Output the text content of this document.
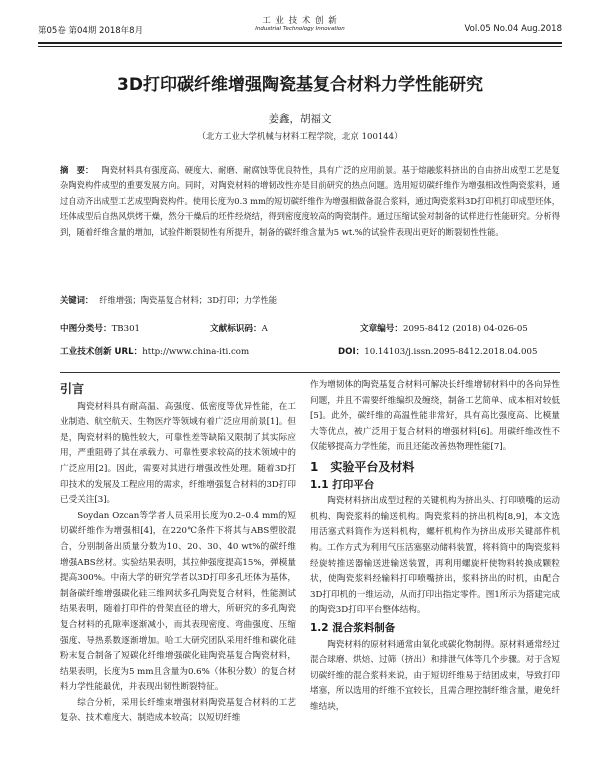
第05卷 第04期 2018年8月
工 业 技 术 创 新
Industrial Technology Innovation	Vol.05 No.04 Aug.2018
3D打印碳纤维增强陶瓷基复合材料力学性能研究
姜鑫，胡福文
（北方工业大学机械与材料工程学院，北京 100144）
摘　要： 陶瓷材料具有强度高、硬度大、耐磨、耐腐蚀等优良特性，具有广泛的应用前景。基于熔融浆料挤出的自由挤出成型工艺是复杂陶瓷构件成型的重要发展方向。同时，对陶瓷材料的增韧改性亦是目前研究的热点问题。选用短切碳纤维作为增强相改性陶瓷浆料，通过自动齐出成型工艺成型陶瓷构件。使用长度为0.3 mm的短切碳纤维作为增强相做备混合浆料，通过陶瓷浆料3D打印机打印成型坯体，坯体成型后自热风烘烤干燥，然分干燥后的坯件经烧结，得到密度度较高的陶瓷制件。通过压缩试验对制备的试样进行性能研究。分析得到，随着纤维含量的增加，试验件断裂韧性有所提升，制备的碳纤维含量为5 wt.%的试验件表现出更好的断裂韧性性能。
关键词： 纤维增强；陶瓷基复合材料；3D打印；力学性能
中图分类号：TB301	文献标识码：A	文章编号：2095-8412 (2018) 04-026-05
工业技术创新 URL：http://www.china-iti.com	DOI：10.14103/j.issn.2095-8412.2018.04.005
引言

陶瓷材料具有耐高温、高强度、低密度等优异性能，在工业制造、航空航天、生物医疗等领域有着广泛应用前景[1]。但是，陶瓷材料的脆性较大，可靠性差等缺陷又限制了其实际应用，严重阻碍了其在承载力、可靠性要求较高的技术领域中的广泛应用[2]。因此，需要对其进行增强改性处理。随着3D打印技术的发展及工程应用的需求，纤维增强复合材料的3D打印已受关注[3]。

Soydan Ozcan等学者人员采用长度为0.2–0.4 mm的短切碳纤维作为增强相[4]，在220℃条件下将其与ABS塑胶混合，分别制备出质量分数为10、20、30、40 wt%的碳纤维增强ABS丝材。实验结果表明，其拉伸强度提高15%，弹模量提高300%。中南大学的研究学者以3D打印多孔坯体为基体，制备碳纤维增强碳化硅三维网状多孔陶瓷复合材料，性能测试结果表明，随着打印件的骨架直径的增大，所研究的多孔陶瓷复合材料的孔隙率逐渐减小，而其表现密度、弯曲强度、压缩强度、导热系数逐渐增加。哈工大研究团队采用纤维和碳化硅粉末复合制备了短碳化纤维增强碳化硅陶瓷基复合陶瓷材料，结果表明，长度为5 mm且含量为0.6%（体积分数）的复合材料力学性能最优，并表现出韧性断裂特征。

综合分析，采用长纤维束增强材料陶瓷基复合材料的工艺复杂、技术难度大、制造成本较高；以短切纤维

作为增韧体的陶瓷基复合材料可解决长纤维增韧材料中的各向异性问题，并且不需要纤维编织及缠绕，制备工艺简单、成本相对较低[5]。此外，碳纤维的高温性能非常好，具有高比强度高、比模量大等优点，被广泛用于复合材料的增强材料[6]。用碳纤维改性不仅能够提高力学性能，而且还能改善热物理性能[7]。

1　实验平台及材料
1.1 打印平台

陶瓷材料挤出成型过程的关键机构为挤出头、打印喷嘴的运动机构、陶瓷浆料的输送机构。陶瓷浆料的挤出机构[8,9]，本文选用活塞式料筒作为送料机构，螺杆机构作为挤出成形关键部件机构。工作方式为利用气压活塞驱动储料装置，将料筒中的陶瓷浆料经旋转推送器输送进输送装置，再利用螺旋杆使物料转换成颗粒状，使陶瓷浆料经输料打印喷嘴挤出，浆料挤出的时机，由配合3D打印机的一维运动，从而打印出指定零件。图1所示为搭建完成的陶瓷3D打印平台整体结构。

1.2 混合浆料制备

陶瓷材料的原材料通常由氧化或碳化物制得。原材料通常经过混合球磨、烘焙、过筛（挤出）和排泄气体等几个步骤。对于含短切碳纤维的混合浆料来说，由于短切纤维易于结团成束，导致打印堵塞，所以选用的纤维不宜较长，且需合理控制纤维含量，避免纤维结块，
